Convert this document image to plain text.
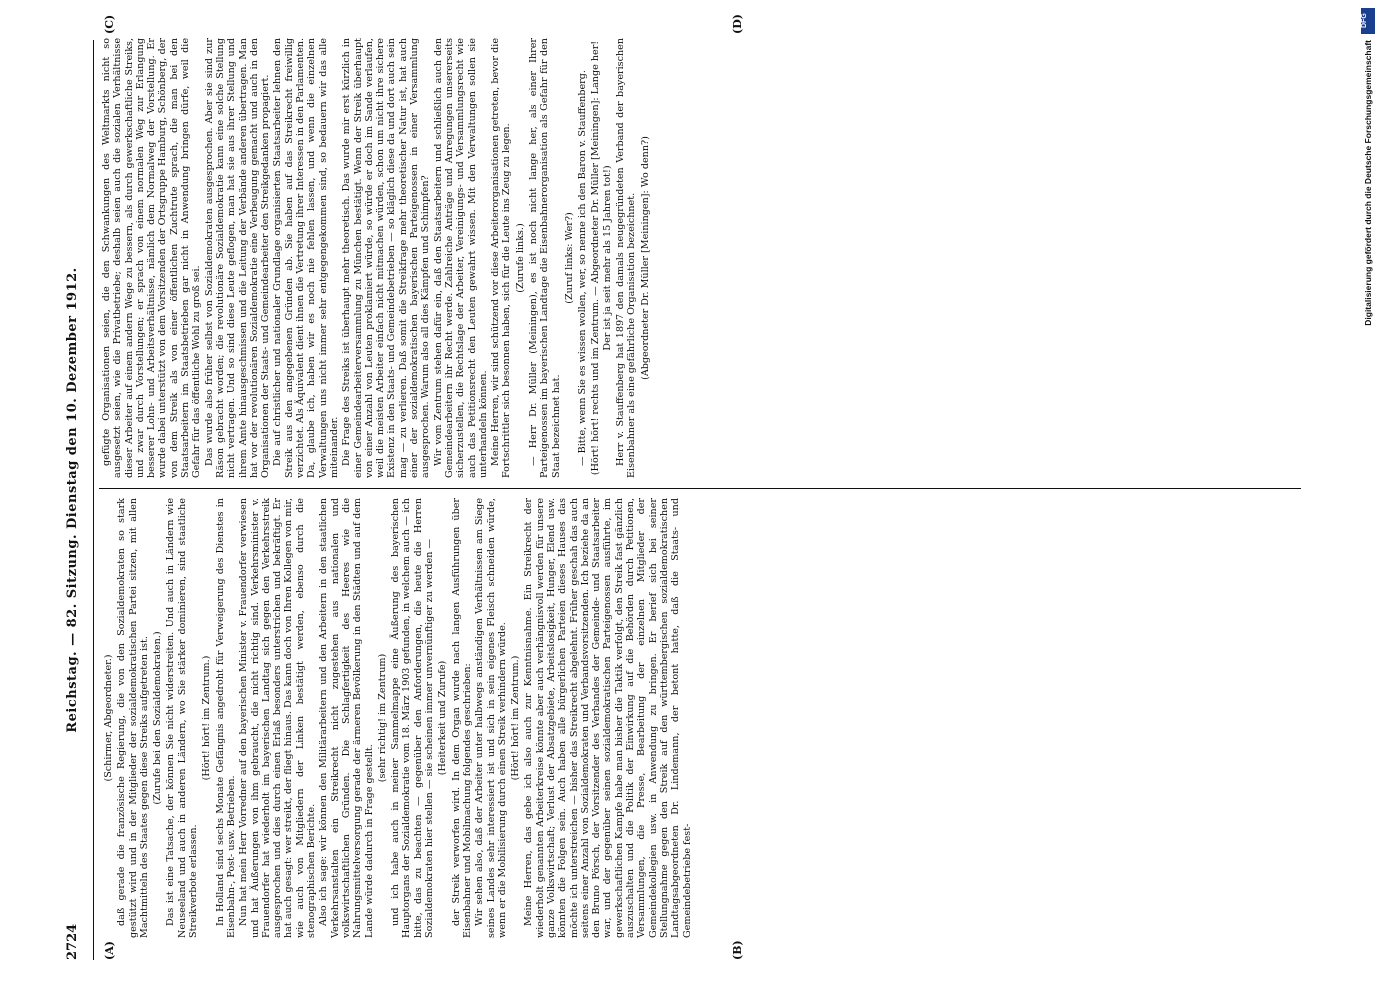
2724
Reichstag. — 82. Sitzung. Dienstag den 10. Dezember 1912.
(A)	(B)
(C)	(D)

(Schirmer, Abgeordneter.) daß gerade die französische Regierung, die von den Sozialdemokraten so stark gestützt wird und in der Mitglieder der sozialdemokratischen Partei sitzen, mit allen Machtmitteln des Staates gegen diese Streiks aufgetreten ist. (Zurufe bei den Sozialdemokraten.) Das ist eine Tatsache, der können Sie nicht widerstreiten. Und auch in Ländern wie Neuseeland und auch in anderen Ländern, wo Sie stärker dominieren, sind staatliche Streikverbote erlassen.

(Hört! hört! im Zentrum.) In Holland sind sechs Monate Gefängnis angedroht für Verweigerung des Dienstes in Eisenbahn-, Post- usw. Betrieben. Nun hat mein Herr Vorredner auf den bayerischen Minister v. Frauendorfer verwiesen und hat Äußerungen von ihm gebraucht, die nicht richtig sind. Verkehrsminister v. Frauendorfer hat wiederholt im bayerischen Landtag sich gegen den Verkehrsstreik ausgesprochen und dies durch einen Erlaß besonders unterstrichen und bekräftigt. Er hat auch gesagt: wer streikt, der fliegt hinaus. Das kann doch von Ihren Kollegen von mir, wie auch von Mitgliedern der Linken bestätigt werden, ebenso durch die stenographischen Berichte. Also ich sage: wir können den Militärarbeitern und den Arbeitern in den staatlichen Verkehrsanstalten ein Streikrecht nicht zugestehen aus nationalen und volkswirtschaftlichen Gründen. Die Schlagfertigkeit des Heeres wie die Nahrungsmittelversorgung gerade der ärmeren Bevölkerung in den Städten und auf dem Lande würde dadurch in Frage gestellt.

(sehr richtig! im Zentrum) und ich habe auch in meiner Sammelmappe eine Äußerung des bayerischen Hauptorgans der Sozialdemokratie vom 18. März 1903 gefunden, in welchem auch — ich bitte, das zu beachten — gegenüber den Anforderungen, die heute die Herren Sozialdemokraten hier stellen — sie scheinen immer unvernünftiger zu werden — (Heiterkeit und Zurufe) der Streik verworfen wird. In dem Organ wurde nach langen Ausführungen über Eisenbahner und Mobilmachung folgendes geschrieben: Wir sehen also, daß der Arbeiter unter halbwegs anständigen Verhältnissen am Siege seines Landes sehr interessiert ist und sich in sein eigenes Fleisch schneiden würde, wenn er die Mobilisierung durch einen Streik verhindern würde. (Hört! hört! im Zentrum.) Meine Herren, das gebe ich also auch zur Kenntnisnahme. Ein Streikrecht der wiederholt genannten Arbeiterkreise könnte aber auch verhängnisvoll werden für unsere ganze Volkswirtschaft; Verlust der Absatzgebiete, Arbeitslosigkeit, Hunger, Elend usw. könnten die Folgen sein. Auch haben alle bürgerlichen Parteien dieses Hauses das möchte ich unterstreichen — bisher das Streikrecht abgelehnt. Früher geschah das auch seitens einer Anzahl von Sozialdemokraten und Verbandsvorsitzenden. Ich beziehe da an den Bruno Pörsch, der Vorsitzender des Verbandes der Gemeinde- und Staatsarbeiter war, und der gegenüber seinen sozialdemokratischen Parteigenossen ausführte, im gewerkschaftlichen Kampfe habe man bisher die Taktik verfolgt, den Streik fast gänzlich auszuschalten und die Politik der Einwirkung auf die Behörden durch Petitionen, Versammlungen, die Presse, Bearbeitung der einzelnen Mitglieder der Gemeindekollegien usw. in Anwendung zu bringen. Er berief sich bei seiner Stellungnahme gegen den Streik auf den württembergischen sozialdemokratischen Landtagsabgeordneten Dr. Lindemann, der betont hatte, daß die Staats- und Gemeindebetriebe fest-

gefügte Organisationen seien, die den Schwankungen des Weltmarkts nicht so ausgesetzt seien, wie die Privatbetriebe; deshalb seien auch die sozialen Verhältnisse dieser Arbeiter auf einem andern Wege zu bessern, als durch gewerkschaftliche Streiks, und zwar durch Vorstellungen; er sprach von einem normalen Weg zur Erlangung besserer Lohn- und Arbeitsverhältnisse, nämlich dem Normalweg der Vorstellung. Er wurde dabei unterstützt von dem Vorsitzenden der Ortsgruppe Hamburg, Schönberg, der von dem Streik als von einer öffentlichen Zuchtrute sprach, die man bei den Staatsarbeitern im Staatsbetrieben gar nicht in Anwendung bringen dürfe, weil die Gefahr für das öffentliche Wohl zu groß sei. Das wurde also früher selbst von Sozialdemokraten ausgesprochen. Aber sie sind zur Räson gebracht worden; die revolutionäre Sozialdemokratie kann eine solche Stellung nicht vertragen. Und so sind diese Leute geflogen, man hat sie aus ihrer Stellung und ihrem Amte hinausgeschmissen und die Leitung der Verbände anderen übertragen. Man hat vor der revolutionären Sozialdemokratie eine Verbeugung gemacht und auch in den Organisationen der Staats- und Gemeindearbeiter den Streikgedanken propagiert. Die auf christlicher und nationaler Grundlage organisierten Staatsarbeiter lehnen den Streik aus den angegebenen Gründen ab. Sie haben auf das Streikrecht freiwillig verzichtet. Als Äquivalent dient ihnen die Vertretung ihrer Interessen in den Parlamenten. Da, glaube ich, haben wir es noch nie fehlen lassen, und wenn die einzelnen Verwaltungen uns nicht immer sehr entgegengekommen sind, so bedauern wir das alle miteinander. Die Frage des Streiks ist überhaupt mehr theoretisch. Das wurde mir erst kürzlich in einer Gemeindearbeiterversammlung zu München bestätigt. Wenn der Streik überhaupt von einer Anzahl von Leuten proklamiert würde, so würde er doch im Sande verlaufen, weil die meisten Arbeiter einfach nicht mitmachen würden, schon um nicht ihre sichere Existenz in den Staats- und Gemeindebetrieben — so kläglich diese da und dort auch sein mag — zu verlieren. Daß somit die Streikfrage mehr theoretischer Natur ist, hat auch einer der sozialdemokratischen bayerischen Parteigenossen in einer Versammlung ausgesprochen. Warum also all dies Kämpfen und Schimpfen? Wir vom Zentrum stehen dafür ein, daß den Staatsarbeitern und schließlich auch den Gemeindearbeitern ihr Recht werde. Zahlreiche Anträge und Anregungen unsererseits sicherzustellen, die Rechtslage der Arbeiter, Vereinigungs- und Versammlungsrecht wie auch das Petitionsrecht den Leuten gewahrt wissen. Mit den Verwaltungen sollen sie unterhandeln können. Meine Herren, wir sind schützend vor diese Arbeiterorganisationen getreten, bevor die Fortschrittler sich besonnen haben, sich für die Leute ins Zeug zu legen. (Zurufe links.) — Herr Dr. Müller (Meiningen), es ist noch nicht lange her, als einer Ihrer Parteigenossen im bayerischen Landtage die Eisenbahnerorganisation als Gefahr für den Staat bezeichnet hat.

(Zuruf links: Wer?) — Bitte, wenn Sie es wissen wollen, wer, so nenne ich den Baron v. Stauffenberg. (Hört! hört! rechts und im Zentrum. — Abgeordneter Dr. Müller [Meiningen]: Lange her! Der ist ja seit mehr als 15 Jahren tot!) Herr v. Stauffenberg hat 1897 den damals neugegründeten Verband der bayerischen Eisenbahner als eine gefährliche Organisation bezeichnet. (Abgeordneter Dr. Müller [Meiningen]: Wo denn?)

DFG
Digitalisierung gefördert durch die Deutsche Forschungsgemeinschaft
